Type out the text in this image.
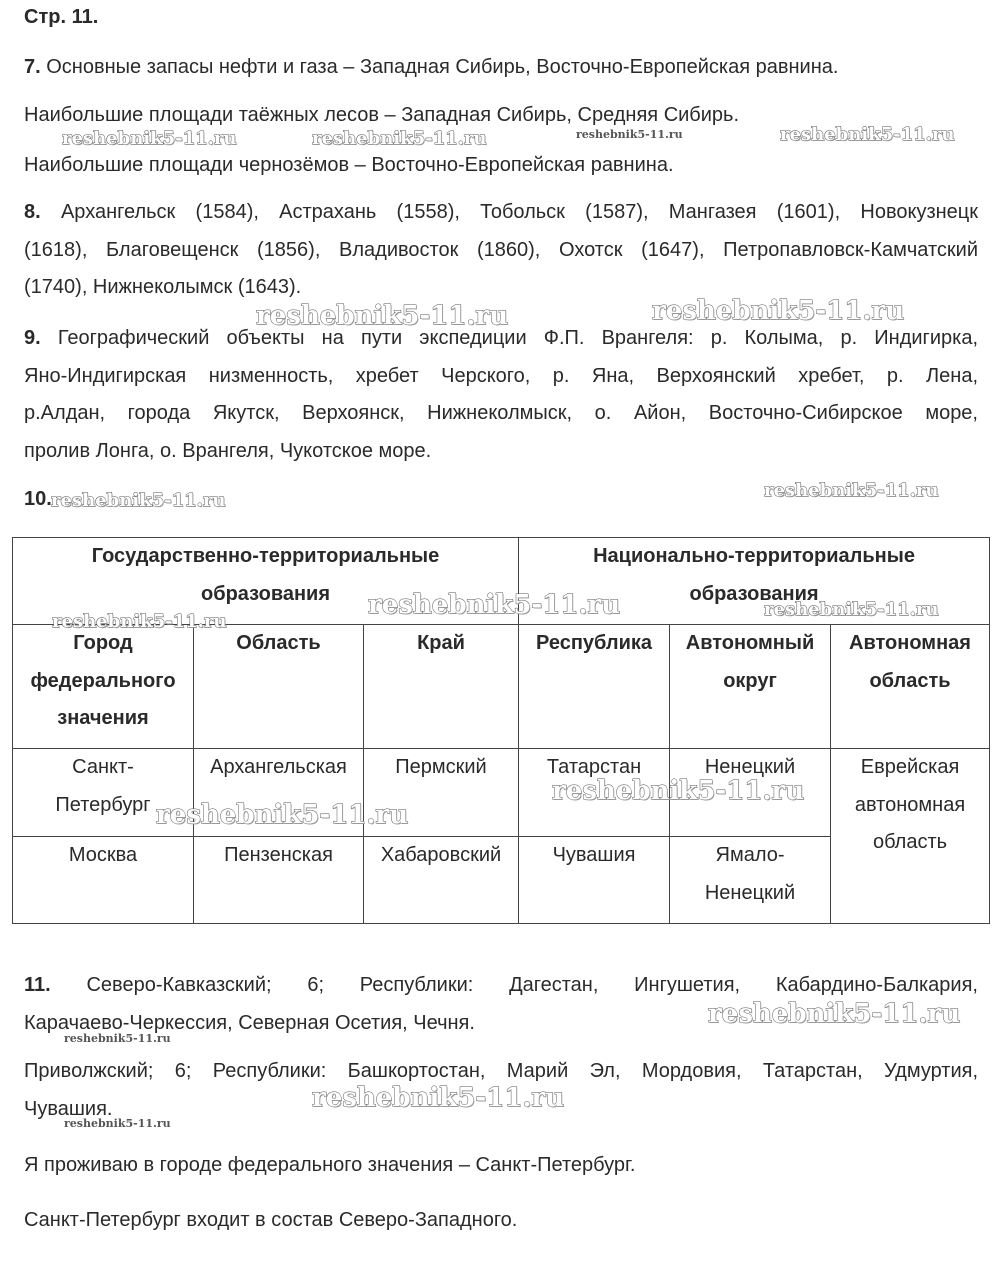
Стр. 11.
7. Основные запасы нефти и газа – Западная Сибирь, Восточно-Европейская равнина.
Наибольшие площади таёжных лесов – Западная Сибирь, Средняя Сибирь.
Наибольшие площади чернозёмов – Восточно-Европейская равнина.
8. Архангельск (1584), Астрахань (1558), Тобольск (1587), Мангазея (1601), Новокузнецк
(1618), Благовещенск (1856), Владивосток (1860), Охотск (1647), Петропавловск-Камчатский
(1740), Нижнеколымск (1643).
9. Географический объекты на пути экспедиции Ф.П. Врангеля: р. Колыма, р. Индигирка,
Яно-Индигирская низменность, хребет Черского, р. Яна, Верхоянский хребет, р. Лена,
р.Алдан, города Якутск, Верхоянск, Нижнеколмыск, о. Айон, Восточно-Сибирское море,
пролив Лонга, о. Врангеля, Чукотское море.
10.
Государственно-территориальные
образования			Национально-территориальные
образования		
Город
федерального
значения	Область	Край	Республика	Автономный
округ	Автономная
область
Санкт-
Петербург	Архангельская	Пермский	Татарстан	Ненецкий	Еврейская
автономная
область
Москва	Пензенская	Хабаровский	Чувашия	Ямало-
Ненецкий	
11. Северо-Кавказский; 6; Республики: Дагестан, Ингушетия, Кабардино-Балкария,
Карачаево-Черкессия, Северная Осетия, Чечня.
Приволжский; 6; Республики: Башкортостан, Марий Эл, Мордовия, Татарстан, Удмуртия,
Чувашия.
Я проживаю в городе федерального значения – Санкт-Петербург.
Санкт-Петербург входит в состав Северо-Западного.
reshebnik5-11.ru	reshebnik5-11.ru	reshebnik5-11.ru	reshebnik5-11.ru
reshebnik5-11.ru
reshebnik5-11.ru
reshebnik5-11.ru	reshebnik5-11.ru
reshebnik5-11.ru
reshebnik5-11.ru
reshebnik5-11.ru
reshebnik5-11.ru
reshebnik5-11.ru
reshebnik5-11.ru
reshebnik5-11.ru
reshebnik5-11.ru
reshebnik5-11.ru
